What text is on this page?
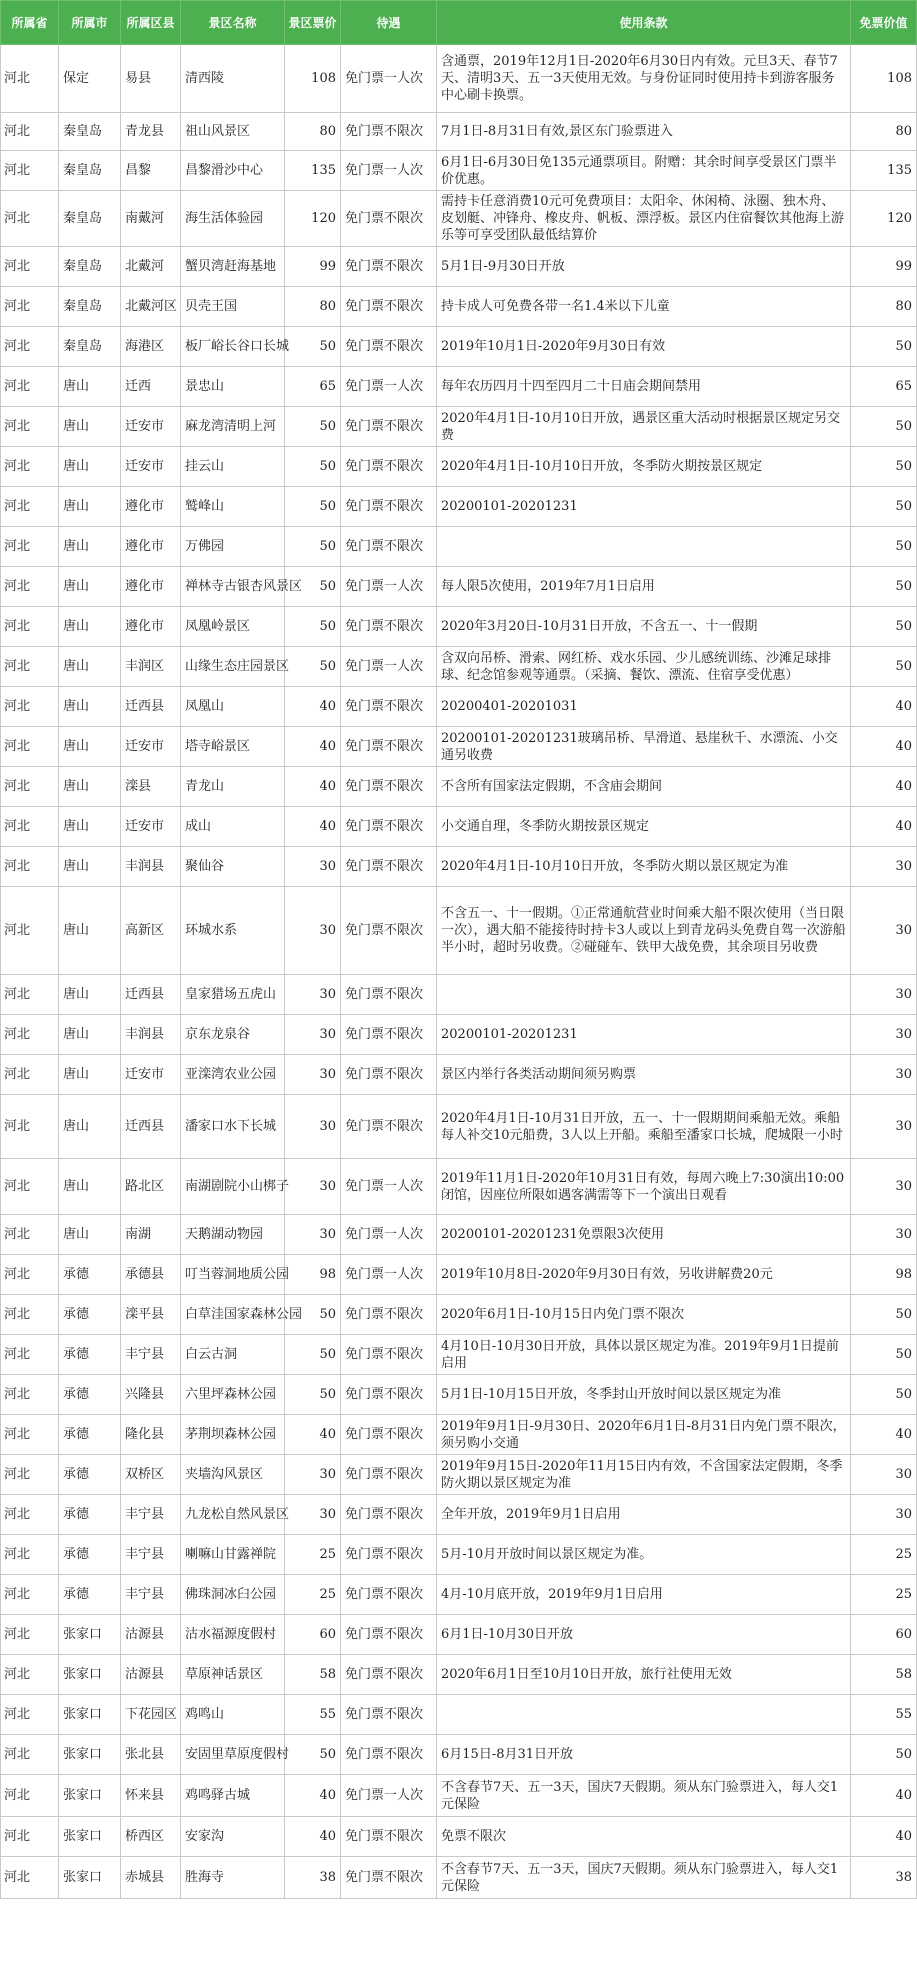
所属省	所属市	所属区县	景区名称	景区票价	待遇	使用条款	免票价值
河北	保定	易县	清西陵	108	免门票一人次	含通票，2019年12月1日-2020年6月30日内有效。元旦3天、春节7天、清明3天、五一3天使用无效。与身份证同时使用持卡到游客服务中心刷卡换票。	108
河北	秦皇岛	青龙县	祖山风景区	80	免门票不限次	7月1日-8月31日有效,景区东门验票进入	80
河北	秦皇岛	昌黎	昌黎滑沙中心	135	免门票一人次	6月1日-6月30日免135元通票项目。附赠：其余时间享受景区门票半价优惠。	135
河北	秦皇岛	南戴河	海生活体验园	120	免门票不限次	需持卡任意消费10元可免费项目：太阳伞、休闲椅、泳圈、独木舟、皮划艇、冲锋舟、橡皮舟、帆板、漂浮板。景区内住宿餐饮其他海上游乐等可享受团队最低结算价	120
河北	秦皇岛	北戴河	蟹贝湾赶海基地	99	免门票不限次	5月1日-9月30日开放	99
河北	秦皇岛	北戴河区	贝壳王国	80	免门票不限次	持卡成人可免费各带一名1.4米以下儿童	80
河北	秦皇岛	海港区	板厂峪长谷口长城	50	免门票不限次	2019年10月1日-2020年9月30日有效	50
河北	唐山	迁西	景忠山	65	免门票一人次	每年农历四月十四至四月二十日庙会期间禁用	65
河北	唐山	迁安市	麻龙湾清明上河	50	免门票不限次	2020年4月1日-10月10日开放，遇景区重大活动时根据景区规定另交费	50
河北	唐山	迁安市	挂云山	50	免门票不限次	2020年4月1日-10月10日开放，冬季防火期按景区规定	50
河北	唐山	遵化市	鹫峰山	50	免门票不限次	20200101-20201231	50
河北	唐山	遵化市	万佛园	50	免门票不限次		50
河北	唐山	遵化市	禅林寺古银杏风景区	50	免门票一人次	每人限5次使用，2019年7月1日启用	50
河北	唐山	遵化市	凤凰岭景区	50	免门票不限次	2020年3月20日-10月31日开放，不含五一、十一假期	50
河北	唐山	丰润区	山缘生态庄园景区	50	免门票一人次	含双向吊桥、滑索、网红桥、戏水乐园、少儿感统训练、沙滩足球排球、纪念馆参观等通票。（采摘、餐饮、漂流、住宿享受优惠）	50
河北	唐山	迁西县	凤凰山	40	免门票不限次	20200401-20201031	40
河北	唐山	迁安市	塔寺峪景区	40	免门票不限次	20200101-20201231玻璃吊桥、旱滑道、悬崖秋千、水漂流、小交通另收费	40
河北	唐山	滦县	青龙山	40	免门票不限次	不含所有国家法定假期，不含庙会期间	40
河北	唐山	迁安市	成山	40	免门票不限次	小交通自理，冬季防火期按景区规定	40
河北	唐山	丰润县	聚仙谷	30	免门票不限次	2020年4月1日-10月10日开放，冬季防火期以景区规定为准	30
河北	唐山	高新区	环城水系	30	免门票不限次	不含五一、十一假期。①正常通航营业时间乘大船不限次使用（当日限一次），遇大船不能接待时持卡3人或以上到青龙码头免费自驾一次游船半小时，超时另收费。②碰碰车、铁甲大战免费，其余项目另收费	30
河北	唐山	迁西县	皇家猎场五虎山	30	免门票不限次		30
河北	唐山	丰润县	京东龙泉谷	30	免门票不限次	20200101-20201231	30
河北	唐山	迁安市	亚滦湾农业公园	30	免门票不限次	景区内举行各类活动期间须另购票	30
河北	唐山	迁西县	潘家口水下长城	30	免门票不限次	2020年4月1日-10月31日开放，五一、十一假期期间乘船无效。乘船每人补交10元船费，3人以上开船。乘船至潘家口长城，爬城限一小时	30
河北	唐山	路北区	南湖剧院小山梆子	30	免门票一人次	2019年11月1日-2020年10月31日有效，每周六晚上7:30演出10:00闭馆，因座位所限如遇客满需等下一个演出日观看	30
河北	唐山	南湖	天鹅湖动物园	30	免门票一人次	20200101-20201231免票限3次使用	30
河北	承德	承德县	叮当蓉洞地质公园	98	免门票一人次	2019年10月8日-2020年9月30日有效，另收讲解费20元	98
河北	承德	滦平县	白草洼国家森林公园	50	免门票不限次	2020年6月1日-10月15日内免门票不限次	50
河北	承德	丰宁县	白云古洞	50	免门票不限次	4月10日-10月30日开放，具体以景区规定为准。2019年9月1日提前启用	50
河北	承德	兴隆县	六里坪森林公园	50	免门票不限次	5月1日-10月15日开放，冬季封山开放时间以景区规定为准	50
河北	承德	隆化县	茅荆坝森林公园	40	免门票不限次	2019年9月1日-9月30日、2020年6月1日-8月31日内免门票不限次，须另购小交通	40
河北	承德	双桥区	夹墙沟风景区	30	免门票不限次	2019年9月15日-2020年11月15日内有效，不含国家法定假期，冬季防火期以景区规定为准	30
河北	承德	丰宁县	九龙松自然风景区	30	免门票不限次	全年开放，2019年9月1日启用	30
河北	承德	丰宁县	喇嘛山甘露禅院	25	免门票不限次	5月-10月开放时间以景区规定为准。	25
河北	承德	丰宁县	佛珠洞冰臼公园	25	免门票不限次	4月-10月底开放，2019年9月1日启用	25
河北	张家口	沽源县	沽水福源度假村	60	免门票不限次	6月1日-10月30日开放	60
河北	张家口	沽源县	草原神话景区	58	免门票不限次	2020年6月1日至10月10日开放，旅行社使用无效	58
河北	张家口	下花园区	鸡鸣山	55	免门票不限次		55
河北	张家口	张北县	安固里草原度假村	50	免门票不限次	6月15日-8月31日开放	50
河北	张家口	怀来县	鸡鸣驿古城	40	免门票一人次	不含春节7天、五一3天，国庆7天假期。须从东门验票进入，每人交1元保险	40
河北	张家口	桥西区	安家沟	40	免门票不限次	免票不限次	40
河北	张家口	赤城县	胜海寺	38	免门票不限次	不含春节7天、五一3天，国庆7天假期。须从东门验票进入，每人交1元保险	38
